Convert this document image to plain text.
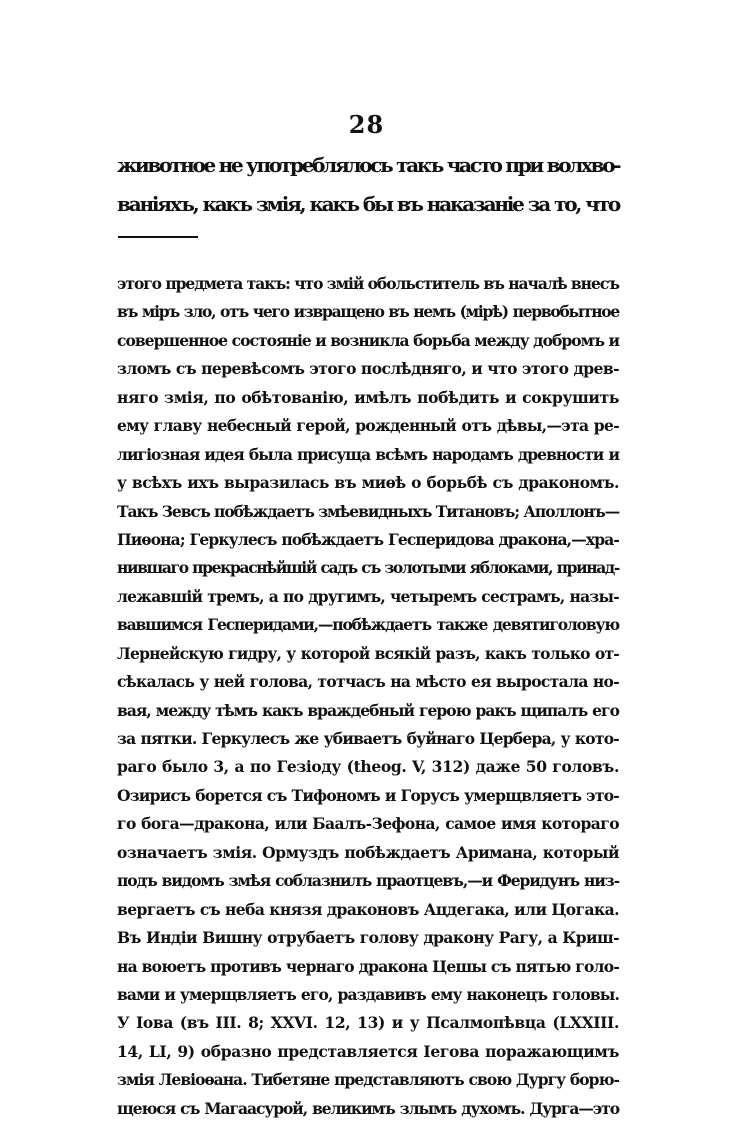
28
животное не употреблялось такъ часто при волхво-
ваніяхъ, какъ змія, какъ бы въ наказаніе за то, что
этого предмета такъ: что змій обольститель въ началѣ внесъ
въ міръ зло, отъ чего извращено въ немъ (мірѣ) первобытное
совершенное состояніе и возникла борьба между добромъ и
зломъ съ перевѣсомъ этого послѣдняго, и что этого древ-
няго змія, по обѣтованію, имѣлъ побѣдить и сокрушить
ему главу небесный герой, рожденный отъ дѣвы,—эта ре-
лигіозная идея была присуща всѣмъ народамъ древности и
у всѣхъ ихъ выразилась въ миѳѣ о борьбѣ съ дракономъ.
Такъ Зевсъ побѣждаетъ змѣевидныхъ Титановъ; Аполлонъ—
Пиѳона; Геркулесъ побѣждаетъ Гесперидова дракона,—хра-
нившаго прекраснѣйшій садъ съ золотыми яблоками, принад-
лежавшій тремъ, а по другимъ, четыремъ сестрамъ, назы-
вавшимся Гесперидами,—побѣждаетъ также девятиголовую
Лернейскую гидру, у которой всякій разъ, какъ только от-
сѣкалась у ней голова, тотчасъ на мѣсто ея выростала но-
вая, между тѣмъ какъ враждебный герою ракъ щипалъ его
за пятки. Геркулесъ же убиваетъ буйнаго Цербера, у кото-
раго было 3, а по Гезіоду (theog. V, 312) даже 50 головъ.
Озирисъ борется съ Тифономъ и Горусъ умерщвляетъ это-
го бога—дракона, или Баалъ-Зефона, самое имя котораго
означаетъ змія. Ормуздъ побѣждаетъ Аримана, который
подъ видомъ змѣя соблазнилъ праотцевъ,—и Феридунъ низ-
вергаетъ съ неба князя драконовъ Ацдегака, или Цогака.
Въ Индіи Вишну отрубаетъ голову дракону Рагу, а Криш-
на воюетъ противъ чернаго дракона Цешы съ пятью голо-
вами и умерщвляетъ его, раздавивъ ему наконецъ головы.
У Іова (въ III. 8; XXVI. 12, 13) и у Псалмопѣвца (LXXIII.
14, LI, 9) образно представляется Іегова поражающимъ
змія Левіоѳана. Тибетяне представляютъ свою Дургу борю-
щеюся съ Магаасурой, великимъ злымъ духомъ. Дурга—это
